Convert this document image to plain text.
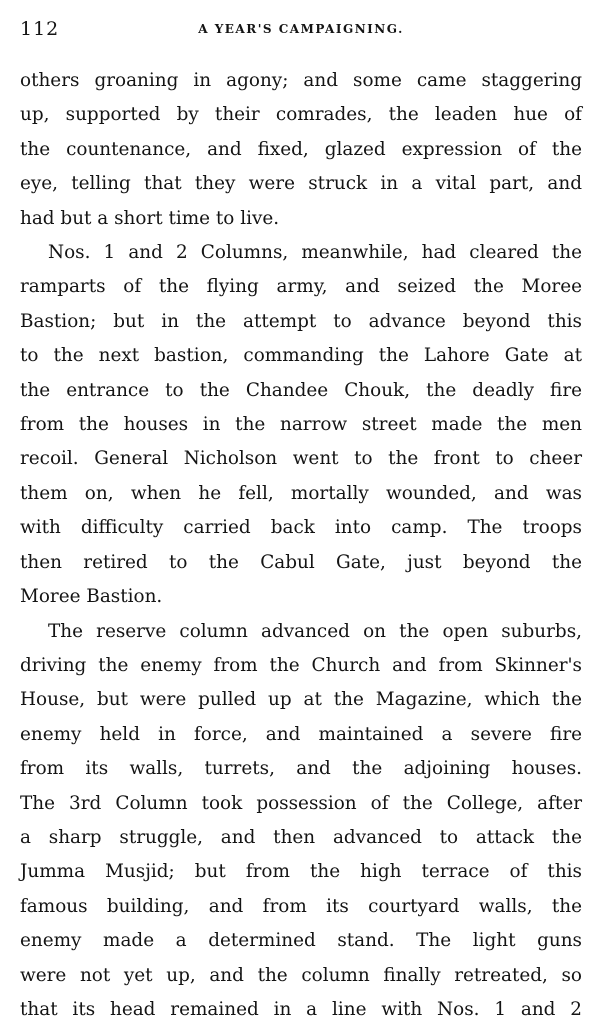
112	A YEAR'S CAMPAIGNING.

others groaning in agony; and some came staggering
up, supported by their comrades, the leaden hue of
the countenance, and fixed, glazed expression of the
eye, telling that they were struck in a vital part, and
had but a short time to live.

Nos. 1 and 2 Columns, meanwhile, had cleared the
ramparts of the flying army, and seized the Moree
Bastion; but in the attempt to advance beyond this
to the next bastion, commanding the Lahore Gate at
the entrance to the Chandee Chouk, the deadly fire
from the houses in the narrow street made the men
recoil. General Nicholson went to the front to cheer
them on, when he fell, mortally wounded, and was
with difficulty carried back into camp. The troops
then retired to the Cabul Gate, just beyond the
Moree Bastion.

The reserve column advanced on the open suburbs,
driving the enemy from the Church and from Skinner's
House, but were pulled up at the Magazine, which the
enemy held in force, and maintained a severe fire
from its walls, turrets, and the adjoining houses.
The 3rd Column took possession of the College, after
a sharp struggle, and then advanced to attack the
Jumma Musjid; but from the high terrace of this
famous building, and from its courtyard walls, the
enemy made a determined stand. The light guns
were not yet up, and the column finally retreated, so
that its head remained in a line with Nos. 1 and 2
